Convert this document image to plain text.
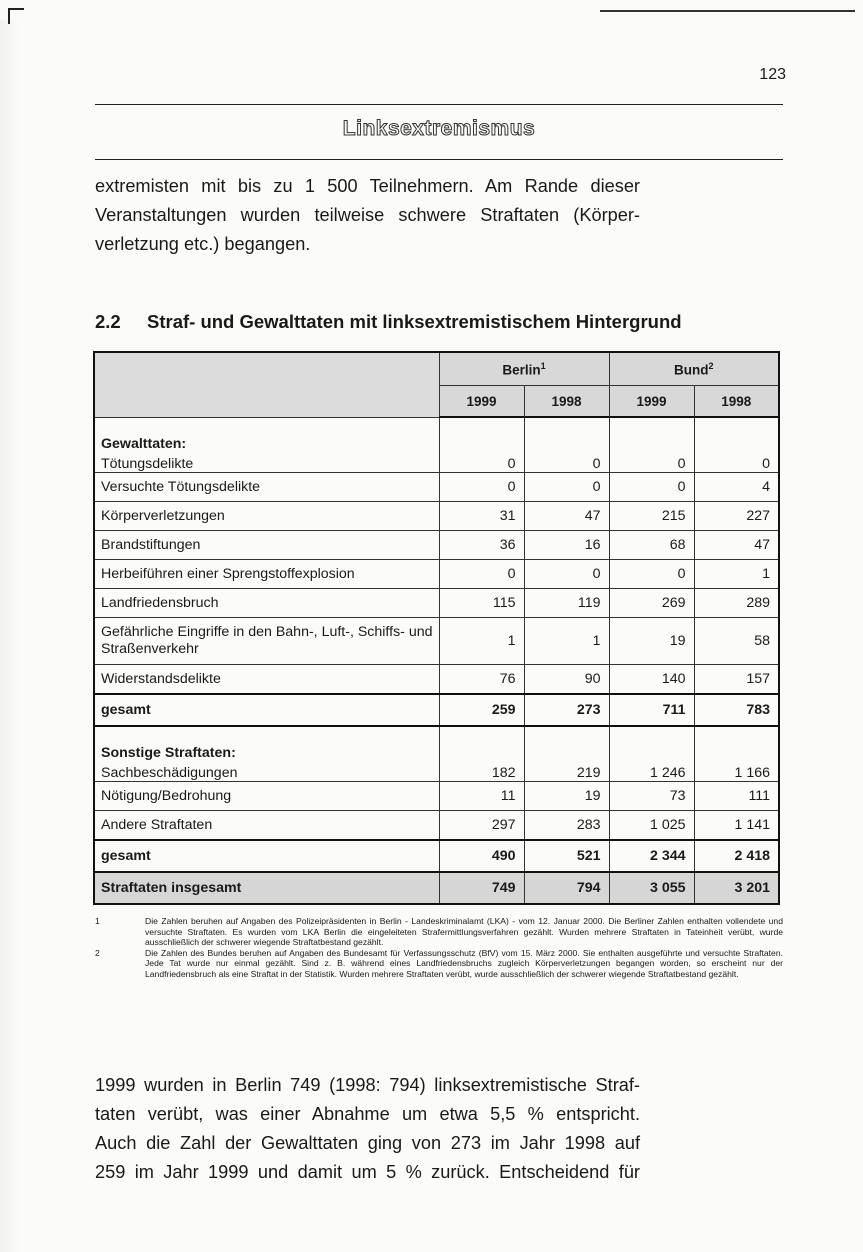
123
Linksextremismus
extremisten mit bis zu 1 500 Teilnehmern. Am Rande dieser
Veranstaltungen wurden teilweise schwere Straftaten (Körper-
verletzung etc.) begangen.
2.2 Straf- und Gewalttaten mit linksextremistischem Hintergrund
	Berlin$^1$		Bund$^2$
	1999	1998	1999	1998

Gewalttaten:
Tötungsdelikte	0	0	0	0
Versuchte Tötungsdelikte	0	0	0	4
Körperverletzungen	31	47	215	227
Brandstiftungen	36	16	68	47
Herbeiführen einer Sprengstoffexplosion	0	0	0	1
Landfriedensbruch	115	119	269	289
Gefährliche Eingriffe in den Bahn-, Luft-, Schiffs- und Straßenverkehr	1	1	19	58
Widerstandsdelikte	76	90	140	157
gesamt	259	273	711	783

Sonstige Straftaten:
Sachbeschädigungen	182	219	1 246	1 166
Nötigung/Bedrohung	11	19	73	111
Andere Straftaten	297	283	1 025	1 141
gesamt	490	521	2 344	2 418
Straftaten insgesamt	749	794	3 055	3 201
1	Die Zahlen beruhen auf Angaben des Polizeipräsidenten in Berlin - Landeskriminalamt (LKA) - vom 12. Januar 2000. Die Berliner Zahlen enthalten vollendete und versuchte Straftaten. Es wurden vom LKA Berlin die eingeleiteten Strafermittlungsverfahren gezählt. Wurden mehrere Straftaten in Tateinheit verübt, wurde ausschließlich der schwerer wiegende Straftatbestand gezählt.
2	Die Zahlen des Bundes beruhen auf Angaben des Bundesamt für Verfassungsschutz (BfV) vom 15. März 2000. Sie enthalten ausgeführte und versuchte Straftaten. Jede Tat wurde nur einmal gezählt. Sind z. B. während eines Landfriedensbruchs zugleich Körperverletzungen begangen worden, so erscheint nur der Landfriedensbruch als eine Straftat in der Statistik. Wurden mehrere Straftaten verübt, wurde ausschließlich der schwerer wiegende Straftatbestand gezählt.
1999 wurden in Berlin 749 (1998: 794) linksextremistische Straf-
taten verübt, was einer Abnahme um etwa 5,5 % entspricht.
Auch die Zahl der Gewalttaten ging von 273 im Jahr 1998 auf
259 im Jahr 1999 und damit um 5 % zurück. Entscheidend für
